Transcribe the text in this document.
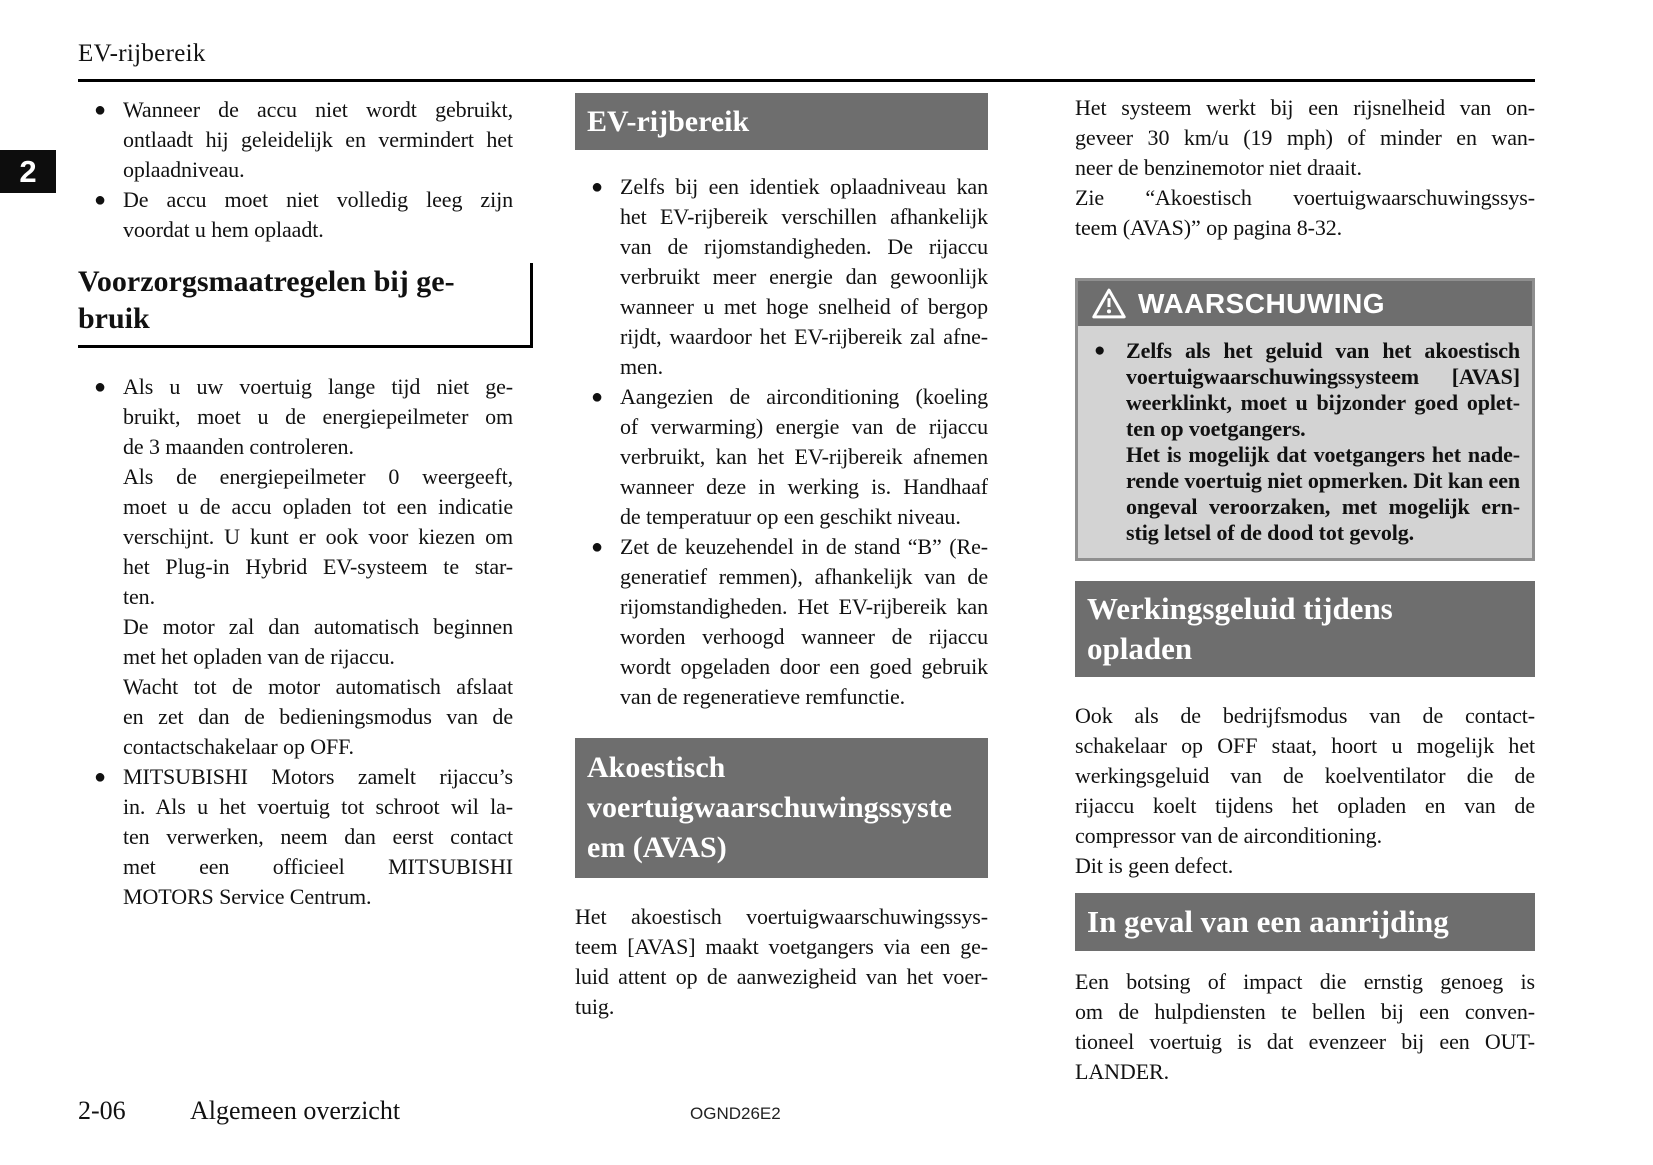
EV-rijbereik
2
● Wanneer de accu niet wordt gebruikt,
ontlaadt hij geleidelijk en vermindert het
oplaadniveau.
● De accu moet niet volledig leeg zijn
voordat u hem oplaadt.
Voorzorgsmaatregelen bij ge-
bruik
● Als u uw voertuig lange tijd niet ge-
bruikt, moet u de energiepeilmeter om
de 3 maanden controleren.
Als de energiepeilmeter 0 weergeeft,
moet u de accu opladen tot een indicatie
verschijnt. U kunt er ook voor kiezen om
het Plug-in Hybrid EV-systeem te star-
ten.
De motor zal dan automatisch beginnen
met het opladen van de rijaccu.
Wacht tot de motor automatisch afslaat
en zet dan de bedieningsmodus van de
contactschakelaar op OFF.
● MITSUBISHI Motors zamelt rijaccu’s
in. Als u het voertuig tot schroot wil la-
ten verwerken, neem dan eerst contact
met een officieel MITSUBISHI
MOTORS Service Centrum.
EV-rijbereik
● Zelfs bij een identiek oplaadniveau kan
het EV-rijbereik verschillen afhankelijk
van de rijomstandigheden. De rijaccu
verbruikt meer energie dan gewoonlijk
wanneer u met hoge snelheid of bergop
rijdt, waardoor het EV-rijbereik zal afne-
men.
● Aangezien de airconditioning (koeling
of verwarming) energie van de rijaccu
verbruikt, kan het EV-rijbereik afnemen
wanneer deze in werking is. Handhaaf
de temperatuur op een geschikt niveau.
● Zet de keuzehendel in de stand “B” (Re-
generatief remmen), afhankelijk van de
rijomstandigheden. Het EV-rijbereik kan
worden verhoogd wanneer de rijaccu
wordt opgeladen door een goed gebruik
van de regeneratieve remfunctie.
Akoestisch
voertuigwaarschuwingssyste
em (AVAS)
Het akoestisch voertuigwaarschuwingssys-
teem [AVAS] maakt voetgangers via een ge-
luid attent op de aanwezigheid van het voer-
tuig.
Het systeem werkt bij een rijsnelheid van on-
geveer 30 km/u (19 mph) of minder en wan-
neer de benzinemotor niet draait.
Zie “Akoestisch voertuigwaarschuwingssys-
teem (AVAS)” op pagina 8-32.
WAARSCHUWING
● Zelfs als het geluid van het akoestisch
voertuigwaarschuwingssysteem [AVAS]
weerklinkt, moet u bijzonder goed oplet-
ten op voetgangers.
Het is mogelijk dat voetgangers het nade-
rende voertuig niet opmerken. Dit kan een
ongeval veroorzaken, met mogelijk ern-
stig letsel of de dood tot gevolg.
Werkingsgeluid tijdens
opladen
Ook als de bedrijfsmodus van de contact-
schakelaar op OFF staat, hoort u mogelijk het
werkingsgeluid van de koelventilator die de
rijaccu koelt tijdens het opladen en van de
compressor van de airconditioning.
Dit is geen defect.
In geval van een aanrijding
Een botsing of impact die ernstig genoeg is
om de hulpdiensten te bellen bij een conven-
tioneel voertuig is dat evenzeer bij een OUT-
LANDER.
2-06 Algemeen overzicht	OGND26E2
